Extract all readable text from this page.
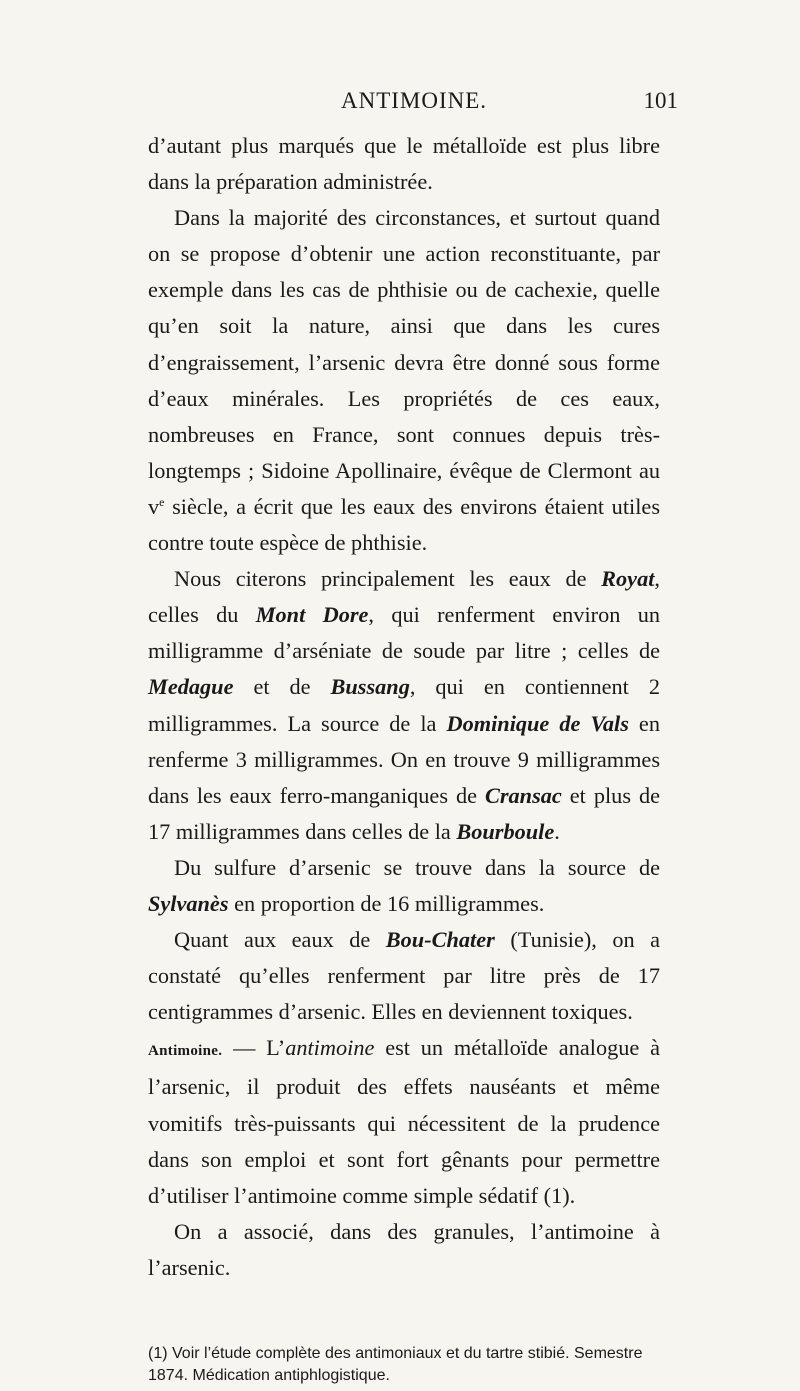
ANTIMOINE.	101

d’autant plus marqués que le métalloïde est plus libre dans la préparation administrée.

Dans la majorité des circonstances, et surtout quand on se propose d’obtenir une action reconstituante, par exemple dans les cas de phthisie ou de cachexie, quelle qu’en soit la nature, ainsi que dans les cures d’engraissement, l’arsenic devra être donné sous forme d’eaux minérales. Les propriétés de ces eaux, nombreuses en France, sont connues depuis très-longtemps ; Sidoine Apollinaire, évêque de Clermont au $v^e$ siècle, a écrit que les eaux des environs étaient utiles contre toute espèce de phthisie.

Nous citerons principalement les eaux de Royat, celles du Mont Dore, qui renferment environ un milligramme d’arséniate de soude par litre ; celles de Medague et de Bussang, qui en contiennent 2 milligrammes. La source de la Dominique de Vals en renferme 3 milligrammes. On en trouve 9 milligrammes dans les eaux ferro-manganiques de Cransac et plus de 17 milligrammes dans celles de la Bourboule.

Du sulfure d’arsenic se trouve dans la source de Sylvanès en proportion de 16 milligrammes.

Quant aux eaux de Bou-Chater (Tunisie), on a constaté qu’elles renferment par litre près de 17 centigrammes d’arsenic. Elles en deviennent toxiques.

Antimoine. — L’antimoine est un métalloïde analogue à l’arsenic, il produit des effets nauséants et même vomitifs très-puissants qui nécessitent de la prudence dans son emploi et sont fort gênants pour permettre d’utiliser l’antimoine comme simple sédatif (1).

On a associé, dans des granules, l’antimoine à l’arsenic.

(1) Voir l’étude complète des antimoniaux et du tartre stibié. Semestre 1874. Médication antiphlogistique.
